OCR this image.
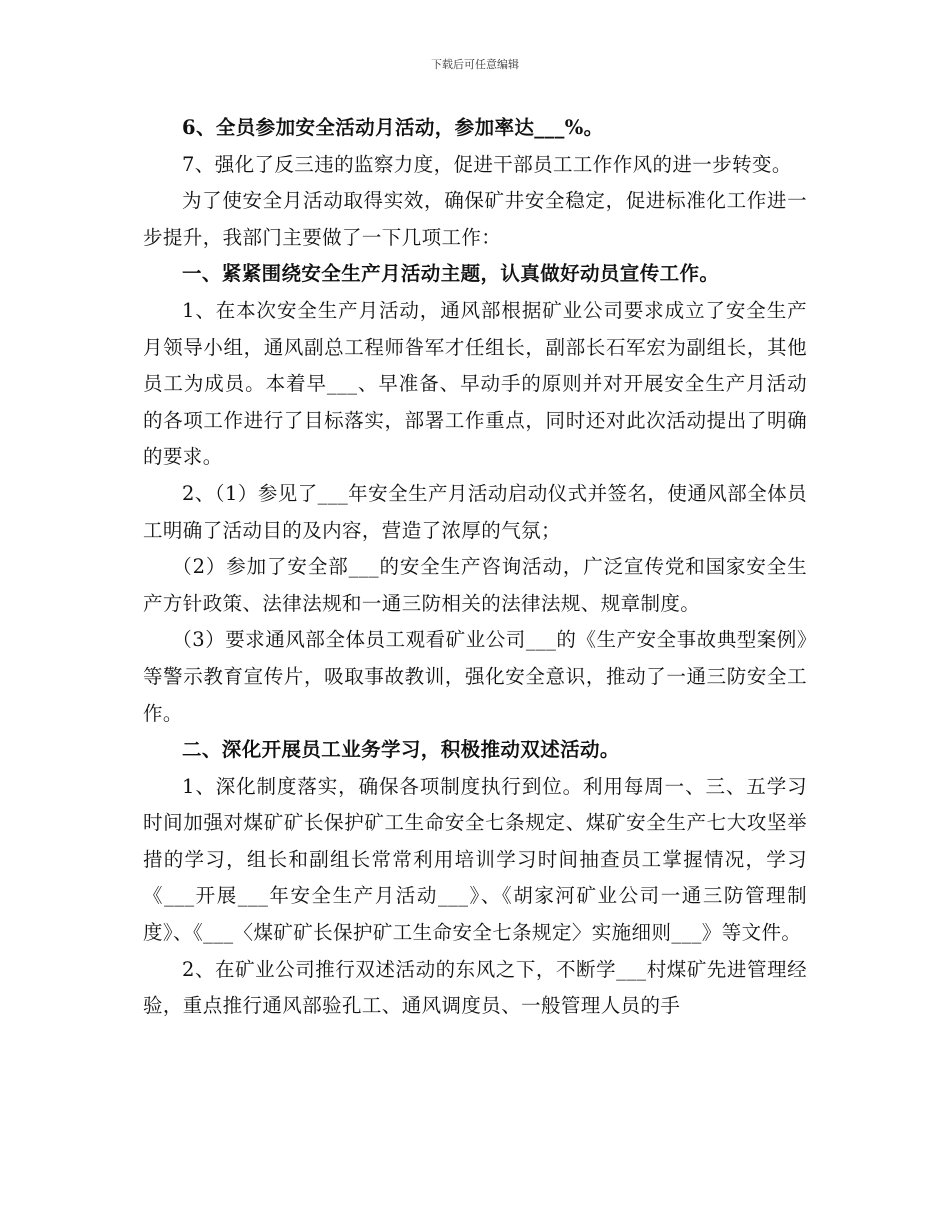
下载后可任意编辑

6、全员参加安全活动月活动，参加率达___%。

7、强化了反三违的监察力度，促进干部员工工作作风的进一步转变。

为了使安全月活动取得实效，确保矿井安全稳定，促进标准化工作进一步提升，我部门主要做了一下几项工作：

一、紧紧围绕安全生产月活动主题，认真做好动员宣传工作。

1、在本次安全生产月活动，通风部根据矿业公司要求成立了安全生产月领导小组，通风副总工程师昝军才任组长，副部长石军宏为副组长，其他员工为成员。本着早___、早准备、早动手的原则并对开展安全生产月活动的各项工作进行了目标落实，部署工作重点，同时还对此次活动提出了明确的要求。

2、（1）参见了___年安全生产月活动启动仪式并签名，使通风部全体员工明确了活动目的及内容，营造了浓厚的气氛；

（2）参加了安全部___的安全生产咨询活动，广泛宣传党和国家安全生产方针政策、法律法规和一通三防相关的法律法规、规章制度。

（3）要求通风部全体员工观看矿业公司___的《生产安全事故典型案例》等警示教育宣传片，吸取事故教训，强化安全意识，推动了一通三防安全工作。

二、深化开展员工业务学习，积极推动双述活动。

1、深化制度落实，确保各项制度执行到位。利用每周一、三、五学习时间加强对煤矿矿长保护矿工生命安全七条规定、煤矿安全生产七大攻坚举措的学习，组长和副组长常常利用培训学习时间抽查员工掌握情况，学习《___开展___年安全生产月活动___》、《胡家河矿业公司一通三防管理制度》、《___〈煤矿矿长保护矿工生命安全七条规定〉实施细则___》等文件。

2、在矿业公司推行双述活动的东风之下，不断学___村煤矿先进管理经验，重点推行通风部验孔工、通风调度员、一般管理人员的手
